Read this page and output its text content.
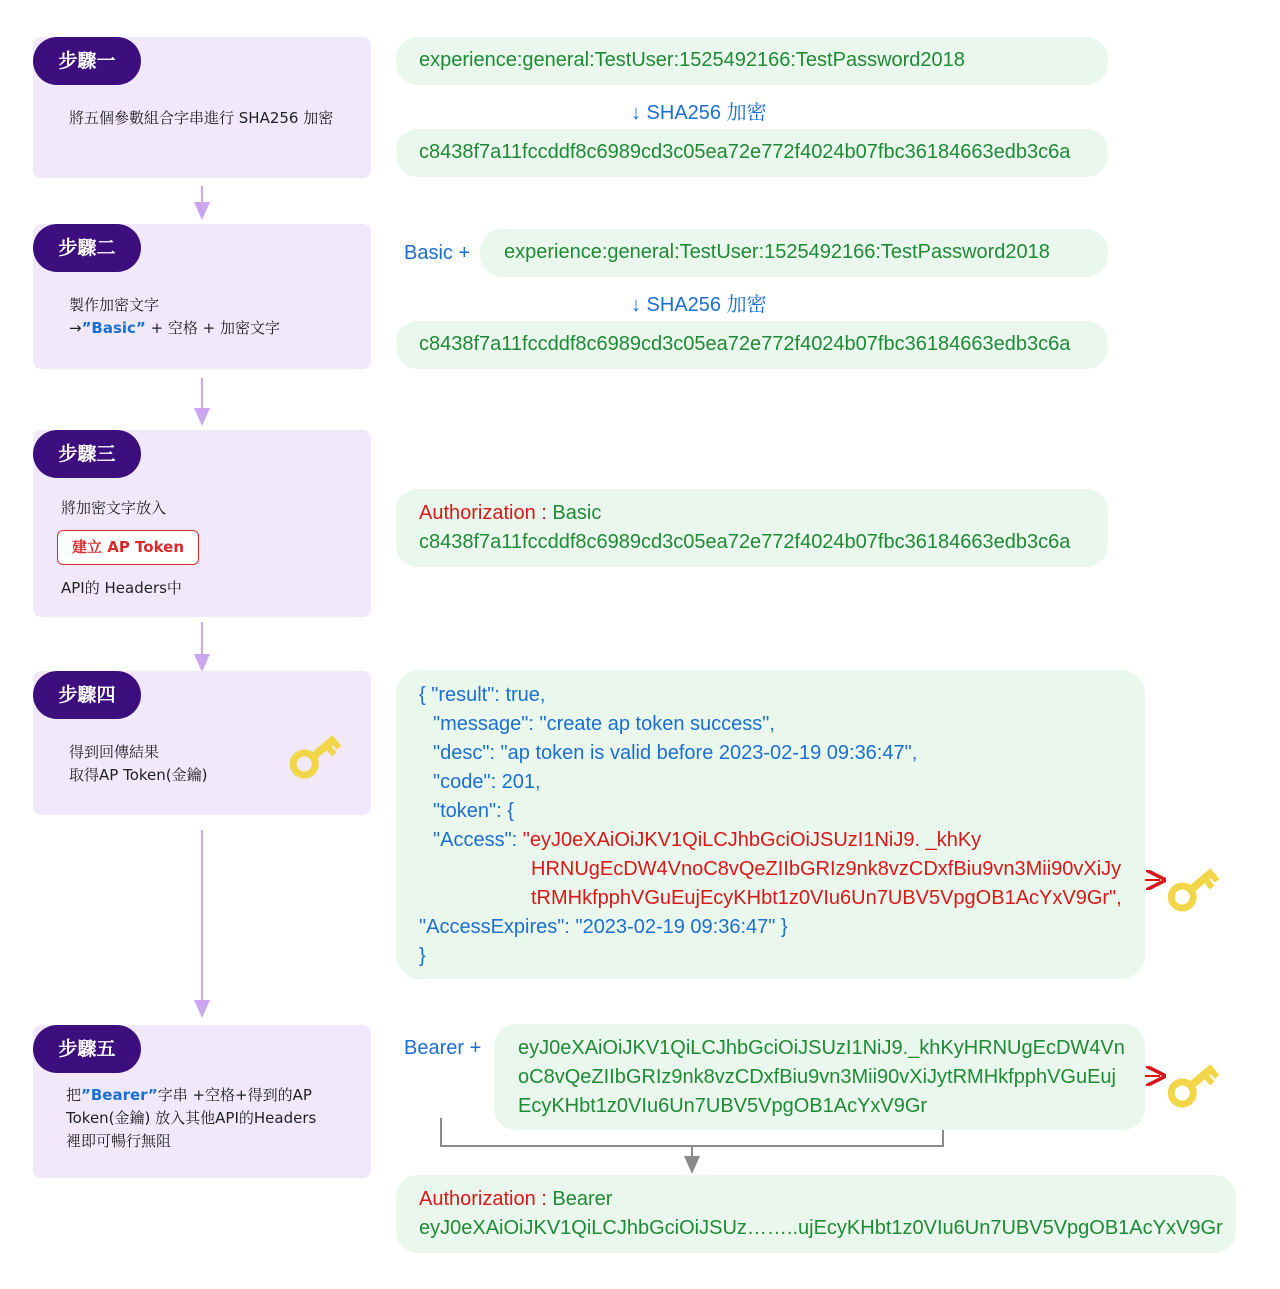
步驟一
將五個參數組合字串進行 SHA256 加密
experience:general:TestUser:1525492166:TestPassword2018
↓ SHA256 加密
c8438f7a11fccddf8c6989cd3c05ea72e772f4024b07fbc36184663edb3c6a
步驟二
製作加密文字
→”Basic” + 空格 + 加密文字
Basic + experience:general:TestUser:1525492166:TestPassword2018
↓ SHA256 加密
c8438f7a11fccddf8c6989cd3c05ea72e772f4024b07fbc36184663edb3c6a
步驟三
將加密文字放入
建立 AP Token
API的 Headers中
Authorization : Basic
c8438f7a11fccddf8c6989cd3c05ea72e772f4024b07fbc36184663edb3c6a
步驟四
得到回傳結果
取得AP Token(金鑰)
{ "result": true,
"message": "create ap token success",
"desc": "ap token is valid before 2023-02-19 09:36:47",
"code": 201,
"token": {
"Access": "eyJ0eXAiOiJKV1QiLCJhbGciOiJSUzI1NiJ9. _khKy
HRNUgEcDW4VnoC8vQeZIIbGRIz9nk8vzCDxfBiu9vn3Mii90vXiJy
tRMHkfpphVGuEujEcyKHbt1z0VIu6Un7UBV5VpgOB1AcYxV9Gr",
"AccessExpires": "2023-02-19 09:36:47" }
}
步驟五
把”Bearer”字串 +空格+得到的AP
Token(金鑰) 放入其他API的Headers
裡即可暢行無阻
Bearer + eyJ0eXAiOiJKV1QiLCJhbGciOiJSUzI1NiJ9._khKyHRNUgEcDW4Vn
oC8vQeZIIbGRIz9nk8vzCDxfBiu9vn3Mii90vXiJytRMHkfpphVGuEuj
EcyKHbt1z0VIu6Un7UBV5VpgOB1AcYxV9Gr
Authorization : Bearer
eyJ0eXAiOiJKV1QiLCJhbGciOiJSUz……..ujEcyKHbt1z0VIu6Un7UBV5VpgOB1AcYxV9Gr
